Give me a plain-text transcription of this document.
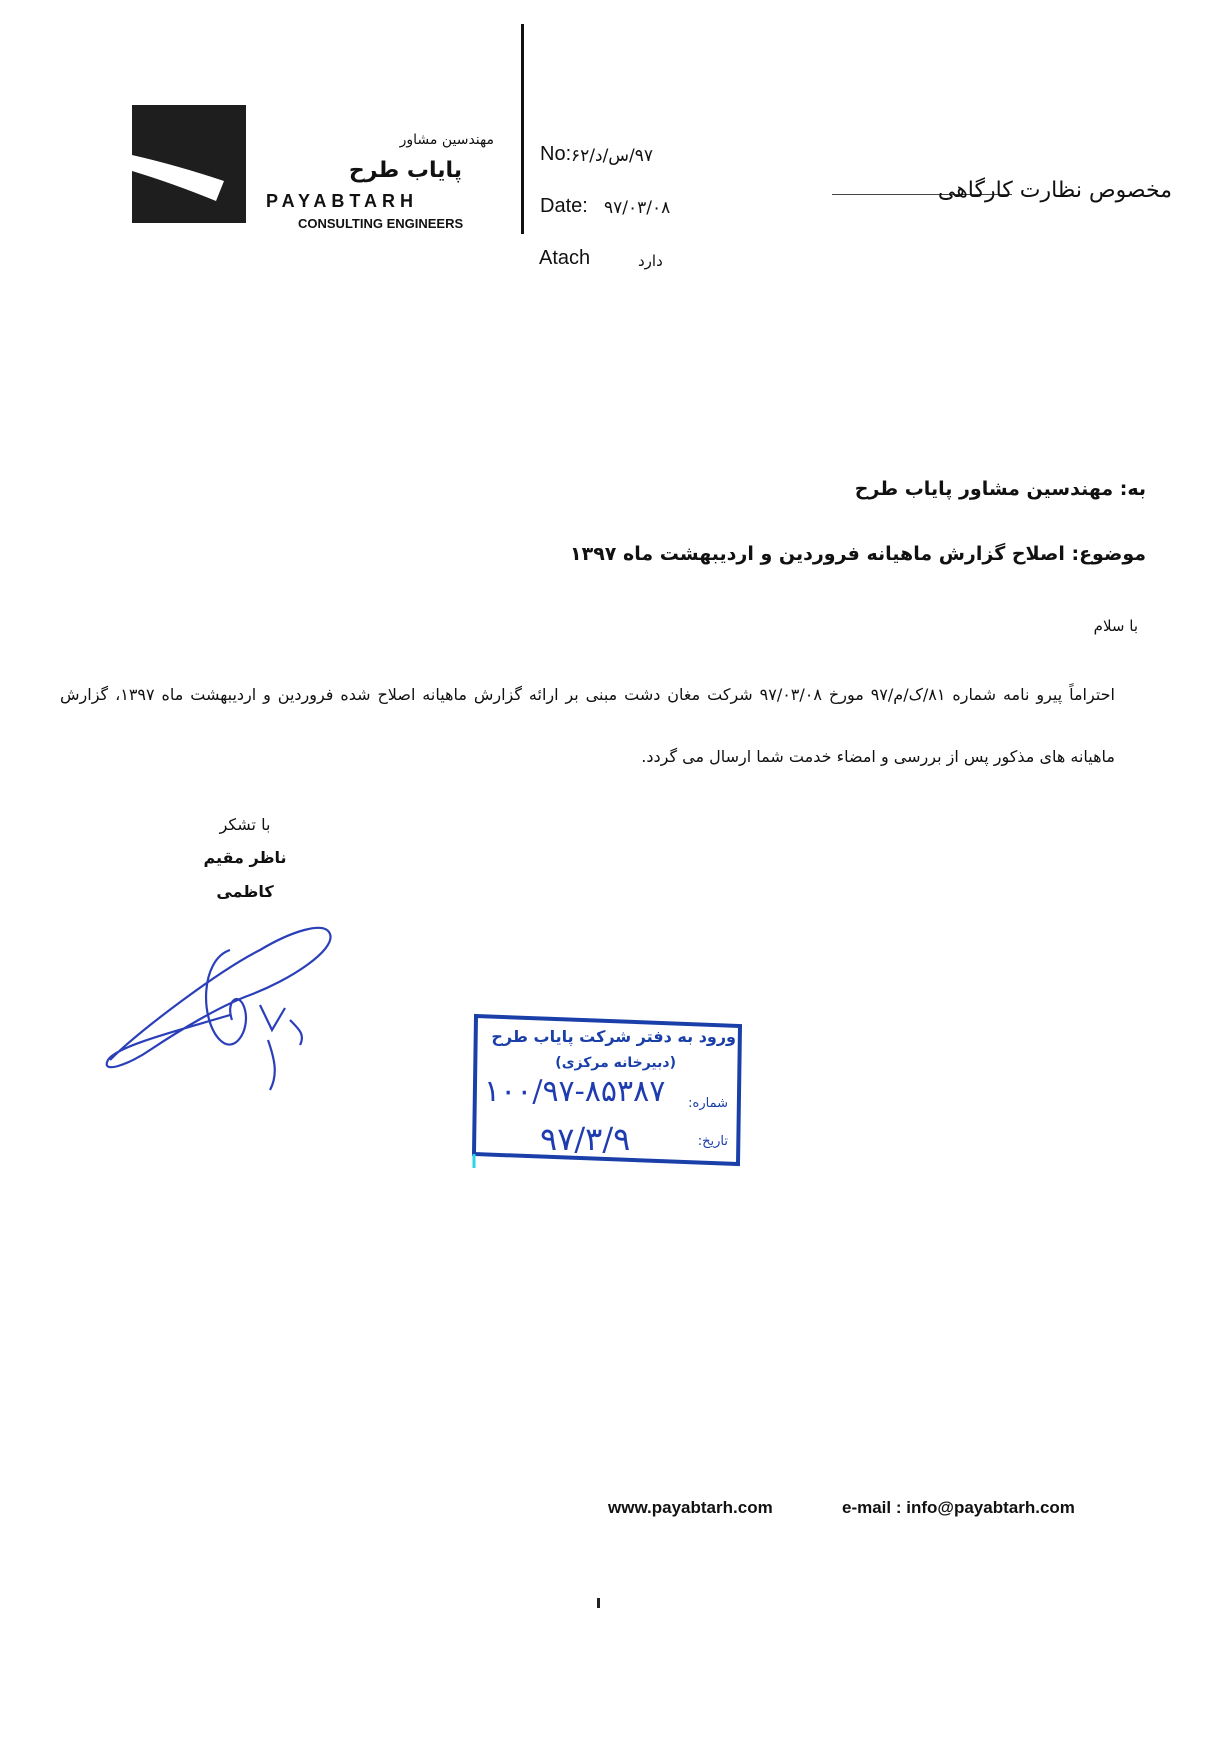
مهندسین مشاور
پایاب طرح
PAYABTARH
CONSULTING ENGINEERS
No: ۹۷/س/د/۶۲
Date: ۹۷/۰۳/۰۸
Atach	دارد
مخصوص نظارت کارگاهی
به: مهندسین مشاور پایاب طرح
موضوع: اصلاح گزارش ماهیانه فروردین و اردیبهشت ماه ۱۳۹۷
با سلام
احتراماً پیرو نامه شماره ۸۱/ک/م/۹۷ مورخ ۹۷/۰۳/۰۸ شرکت مغان دشت مبنی بر ارائه گزارش ماهیانه اصلاح شده فروردین و اردیبهشت ماه ۱۳۹۷، گزارش ماهیانه های مذکور پس از بررسی و امضاء خدمت شما ارسال می گردد.
با تشکر
ناظر مقیم
کاظمی
ورود به دفتر شرکت پایاب طرح
(دبیرخانه مرکزی)
شماره:
۱۰۰/۹۷-۸۵۳۸۷
تاریخ:
۹۷/۳/۹
www.payabtarh.com	e-mail : info@payabtarh.com
